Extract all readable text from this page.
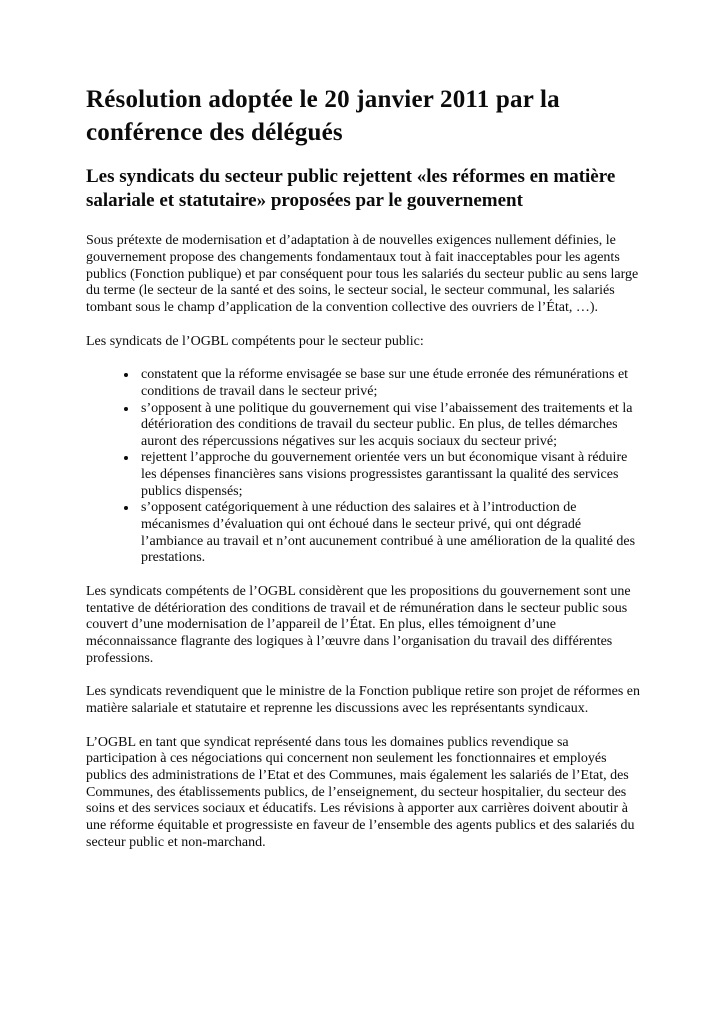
Résolution adoptée le 20 janvier 2011 par la conférence des délégués
Les syndicats du secteur public rejettent «les réformes en matière salariale et statutaire» proposées par le gouvernement

Sous prétexte de modernisation et d’adaptation à de nouvelles exigences nullement définies, le gouvernement propose des changements fondamentaux tout à fait inacceptables pour les agents publics (Fonction publique) et par conséquent pour tous les salariés du secteur public au sens large du terme (le secteur de la santé et des soins, le secteur social, le secteur communal, les salariés tombant sous le champ d’application de la convention collective des ouvriers de l’État, …).

Les syndicats de l’OGBL compétents pour le secteur public:

• constatent que la réforme envisagée se base sur une étude erronée des rémunérations et conditions de travail dans le secteur privé;
• s’opposent à une politique du gouvernement qui vise l’abaissement des traitements et la détérioration des conditions de travail du secteur public. En plus, de telles démarches auront des répercussions négatives sur les acquis sociaux du secteur privé;
• rejettent l’approche du gouvernement orientée vers un but économique visant à réduire les dépenses financières sans visions progressistes garantissant la qualité des services publics dispensés;
• s’opposent catégoriquement à une réduction des salaires et à l’introduction de mécanismes d’évaluation qui ont échoué dans le secteur privé, qui ont dégradé l’ambiance au travail et n’ont aucunement contribué à une amélioration de la qualité des prestations.

Les syndicats compétents de l’OGBL considèrent que les propositions du gouvernement sont une tentative de détérioration des conditions de travail et de rémunération dans le secteur public sous couvert d’une modernisation de l’appareil de l’État. En plus, elles témoignent d’une méconnaissance flagrante des logiques à l’œuvre dans l’organisation du travail des différentes professions.

Les syndicats revendiquent que le ministre de la Fonction publique retire son projet de réformes en matière salariale et statutaire et reprenne les discussions avec les représentants syndicaux.

L’OGBL en tant que syndicat représenté dans tous les domaines publics revendique sa participation à ces négociations qui concernent non seulement les fonctionnaires et employés publics des administrations de l’Etat et des Communes, mais également les salariés de l’Etat, des Communes, des établissements publics, de l’enseignement, du secteur hospitalier, du secteur des soins et des services sociaux et éducatifs. Les révisions à apporter aux carrières doivent aboutir à une réforme équitable et progressiste en faveur de l’ensemble des agents publics et des salariés du secteur public et non-marchand.
